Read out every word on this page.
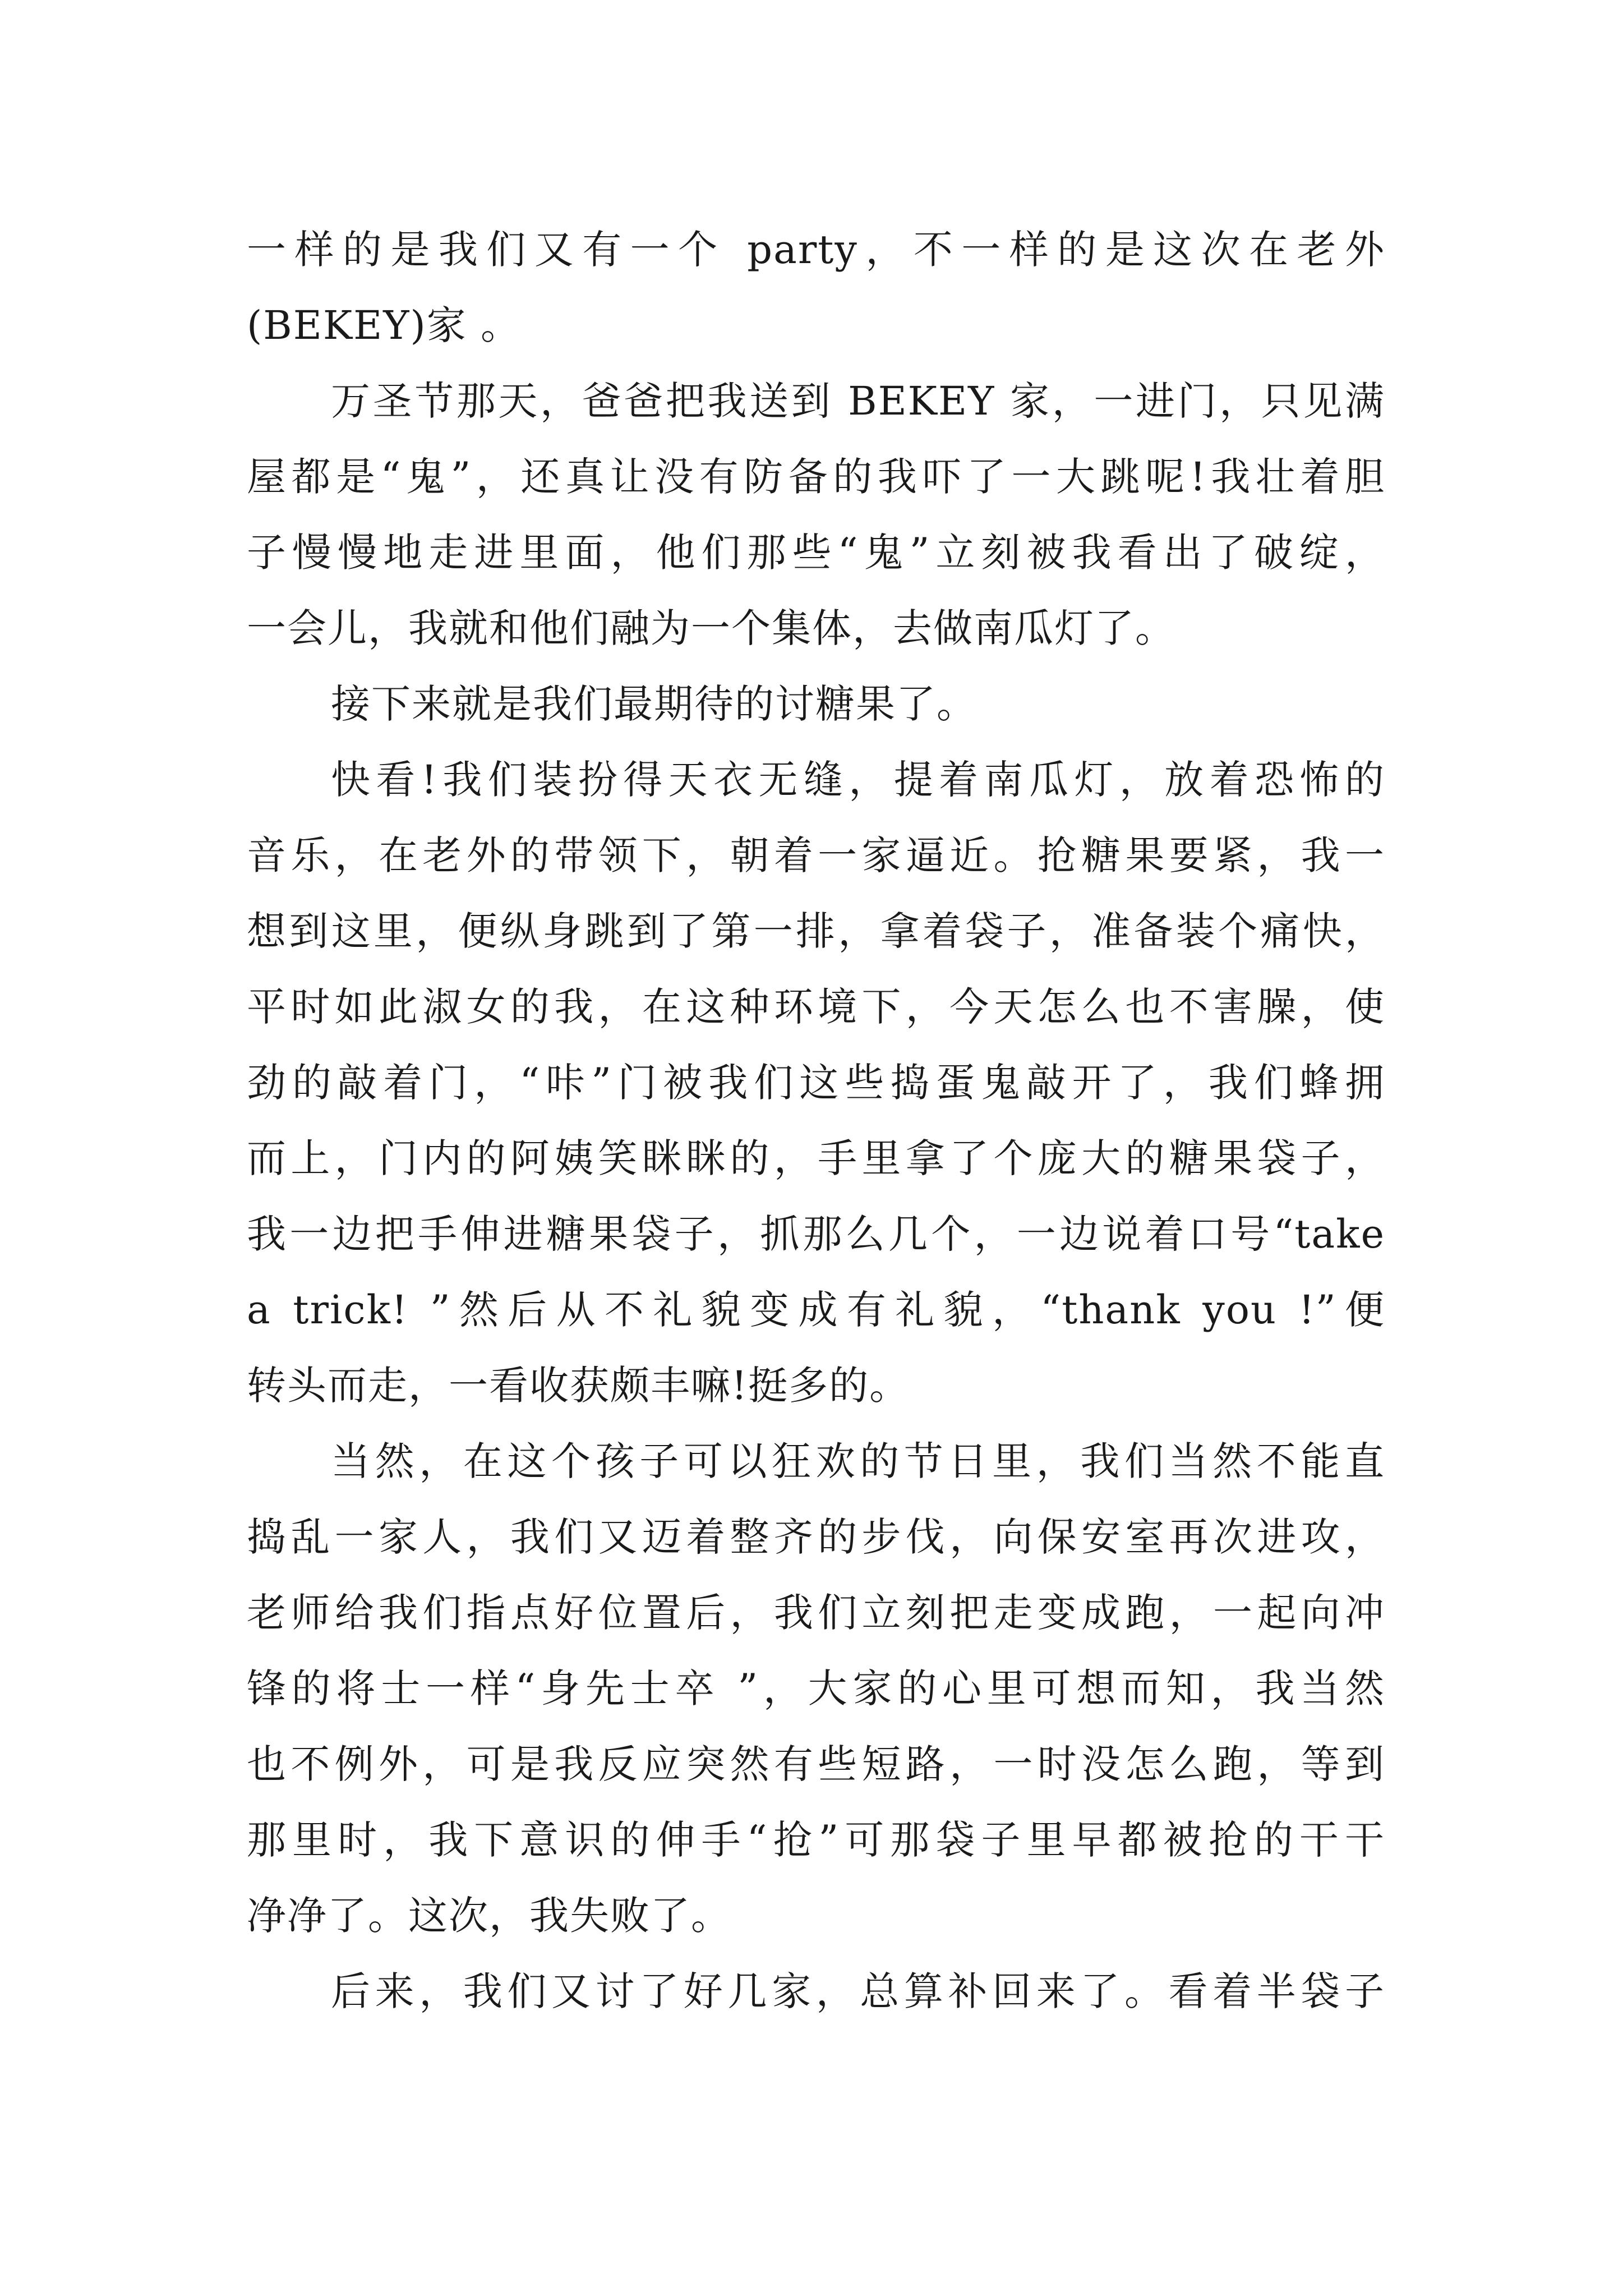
一样的是我们又有一个 party，不一样的是这次在老外
(BEKEY)家 。
万圣节那天，爸爸把我送到 BEKEY 家，一进门，只见满
屋都是“鬼”，还真让没有防备的我吓了一大跳呢!我壮着胆
子慢慢地走进里面，他们那些“鬼”立刻被我看出了破绽，
一会儿，我就和他们融为一个集体，去做南瓜灯了。
接下来就是我们最期待的讨糖果了。
快看!我们装扮得天衣无缝，提着南瓜灯，放着恐怖的
音乐，在老外的带领下，朝着一家逼近。抢糖果要紧，我一
想到这里，便纵身跳到了第一排，拿着袋子，准备装个痛快，
平时如此淑女的我，在这种环境下，今天怎么也不害臊，使
劲的敲着门，“咔”门被我们这些捣蛋鬼敲开了，我们蜂拥
而上，门内的阿姨笑眯眯的，手里拿了个庞大的糖果袋子，
我一边把手伸进糖果袋子，抓那么几个，一边说着口号“take
a trick! ”然后从不礼貌变成有礼貌，“thank you !”便
转头而走，一看收获颇丰嘛!挺多的。
当然，在这个孩子可以狂欢的节日里，我们当然不能直
捣乱一家人，我们又迈着整齐的步伐，向保安室再次进攻，
老师给我们指点好位置后，我们立刻把走变成跑，一起向冲
锋的将士一样“身先士卒 ”，大家的心里可想而知，我当然
也不例外，可是我反应突然有些短路，一时没怎么跑，等到
那里时，我下意识的伸手“抢”可那袋子里早都被抢的干干
净净了。这次，我失败了。
后来，我们又讨了好几家，总算补回来了。看着半袋子
